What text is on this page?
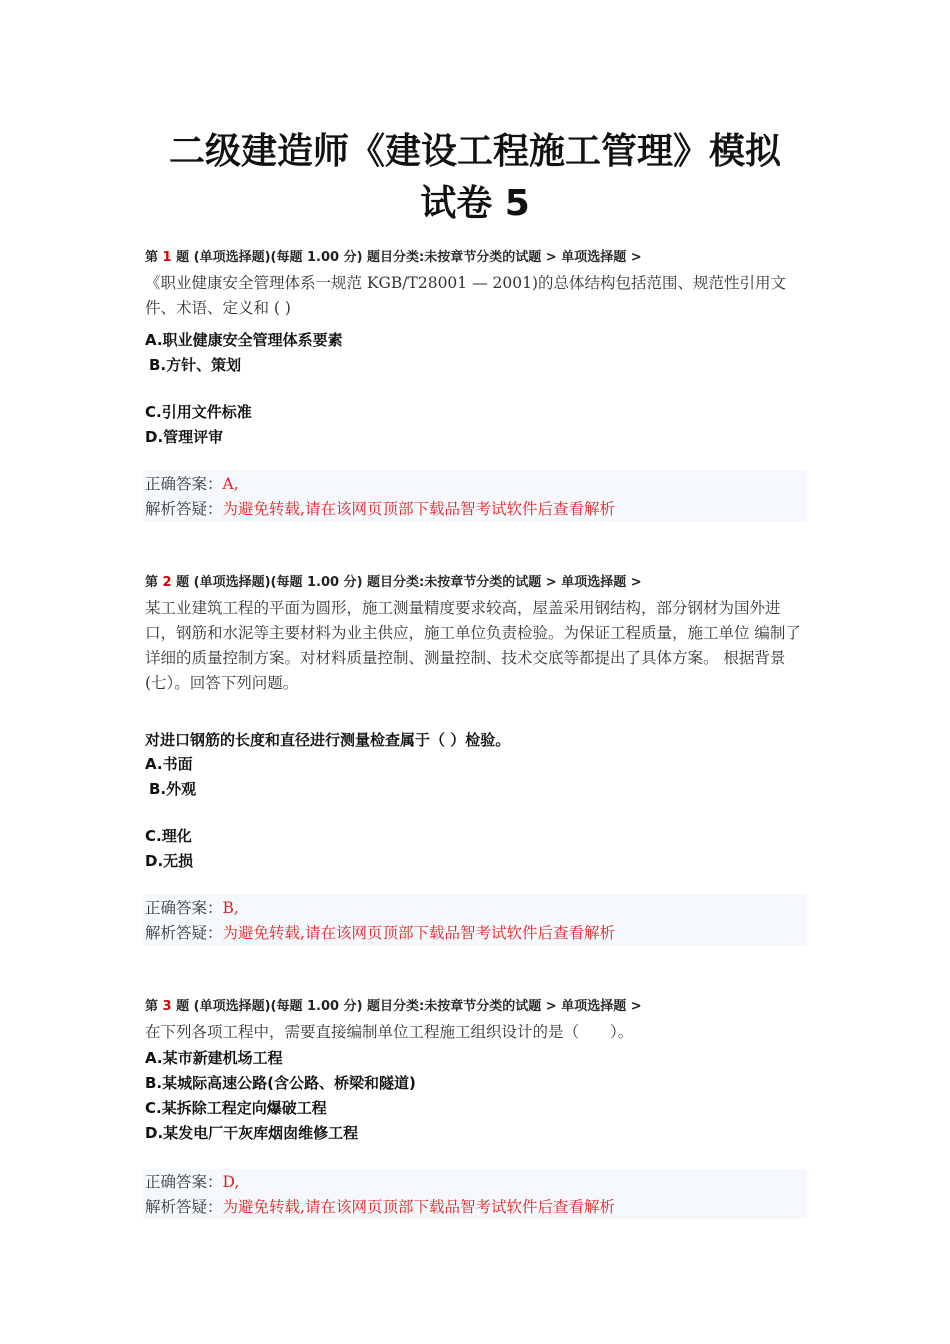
二级建造师《建设工程施工管理》模拟
试卷 5
第 1 题 (单项选择题)(每题 1.00 分) 题目分类:未按章节分类的试题 > 单项选择题 >
《职业健康安全管理体系一规范 KGB/T28001 — 2001)的总体结构包括范围、规范性引用文件、术语、定义和 ( )
A.职业健康安全管理体系要素
B.方针、策划
C.引用文件标准
D.管理评审
正确答案：A,
解析答疑：为避免转载,请在该网页顶部下载品智考试软件后查看解析
第 2 题 (单项选择题)(每题 1.00 分) 题目分类:未按章节分类的试题 > 单项选择题 >
某工业建筑工程的平面为圆形，施工测量精度要求较高，屋盖采用钢结构，部分钢材为国外进口，钢筋和水泥等主要材料为业主供应，施工单位负责检验。为保证工程质量，施工单位 编制了详细的质量控制方案。对材料质量控制、测量控制、技术交底等都提出了具体方案。 根据背景(七）。回答下列问题。
对进口钢筋的长度和直径进行测量检查属于（ ）检验。
A.书面
B.外观
C.理化
D.无损
正确答案：B,
解析答疑：为避免转载,请在该网页顶部下载品智考试软件后查看解析
第 3 题 (单项选择题)(每题 1.00 分) 题目分类:未按章节分类的试题 > 单项选择题 >
在下列各项工程中，需要直接编制单位工程施工组织设计的是（　　）。
A.某市新建机场工程
B.某城际高速公路(含公路、桥梁和隧道)
C.某拆除工程定向爆破工程
D.某发电厂干灰库烟囱维修工程
正确答案：D,
解析答疑：为避免转载,请在该网页顶部下载品智考试软件后查看解析
